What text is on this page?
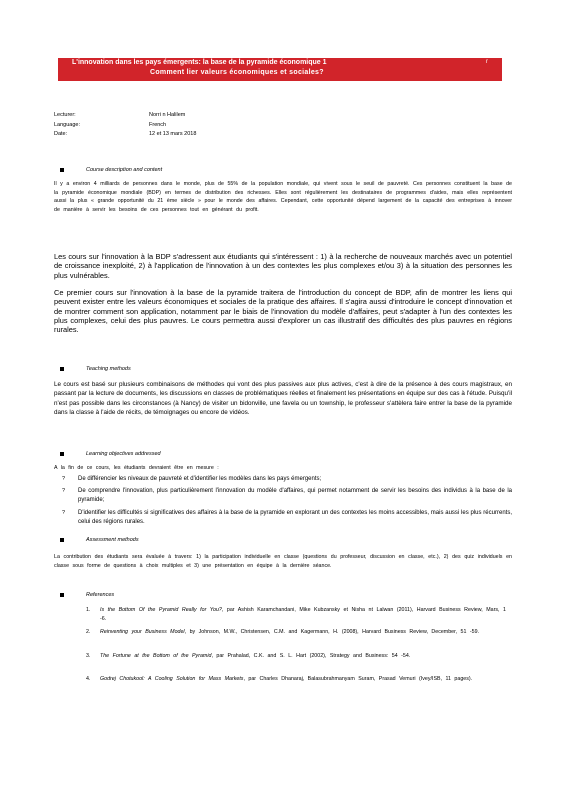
L'innovation dans les pays émergents: la base de la pyramide économique 1	r
Comment lier valeurs économiques et sociales?
Lecturer:	Norri n Halilem
Language:	French
Date:	12 et 13 mars 2018
Course description and content
Il y a environ 4 milliards de personnes dans le monde, plus de 55% de la population mondiale, qui vivent sous le seuil de pauvreté. Ces personnes constituent la base de la pyramide économique mondiale (BDP) en termes de distribution des richesses. Elles sont régulièrement les destinataires de programmes d'aides, mais elles représentent aussi la plus « grande opportunité du 21 ème siècle » pour le monde des affaires. Cependant, cette opportunité dépend largement de la capacité des entreprises à innover de manière à servir les besoins de ces personnes tout en générant du profit.
Les cours sur l'innovation à la BDP s'adressent aux étudiants qui s'intéressent : 1) à la recherche de nouveaux marchés avec un potentiel de croissance inexploité, 2) à l'application de l'innovation à un des contextes les plus complexes et/ou 3) à la situation des personnes les plus vulnérables.
Ce premier cours sur l'innovation à la base de la pyramide traitera de l'introduction du concept de BDP, afin de montrer les liens qui peuvent exister entre les valeurs économiques et sociales de la pratique des affaires. Il s'agira aussi d'introduire le concept d'innovation et de montrer comment son application, notamment par le biais de l'innovation du modèle d'affaires, peut s'adapter à l'un des contextes les plus complexes, celui des plus pauvres. Le cours permettra aussi d'explorer un cas illustratif des difficultés des plus pauvres en régions rurales.
Teaching methods
Le cours est basé sur plusieurs combinaisons de méthodes qui vont des plus passives aux plus actives, c'est à dire de la présence à des cours magistraux, en passant par la lecture de documents, les discussions en classes de problématiques réelles et finalement les présentations en équipe sur des cas à l'étude. Puisqu'il n'est pas possible dans les circonstances (à Nancy) de visiter un bidonville, une favela ou un township, le professeur s'attèlera faire entrer la base de la pyramide dans la classe à l'aide de récits, de témoignages ou encore de vidéos.
Learning objectives addressed
A la fin de ce cours, les étudiants devraient être en mesure :
? De différencier les niveaux de pauvreté et d'identifier les modèles dans les pays émergents;
? De comprendre l'innovation, plus particulièrement l'innovation du modèle d'affaires, qui permet notamment de servir les besoins des individus à la base de la pyramide;
? D'identifier les difficultés si significatives des affaires à la base de la pyramide en explorant un des contextes les moins accessibles, mais aussi les plus récurrents, celui des régions rurales.
Assessment methods
La contribution des étudiants sera évaluée à travers: 1) la participation individuelle en classe (questions du professeur, discussion en classe, etc.), 2) des quiz individuels en classe sous forme de questions à choix multiples et 3) une présentation en équipe à la dernière séance.
References
1. Is the Bottom Of the Pyramid Really for You?, par Ashish Karamchandani, Mike Kubzansky et Nisha nt Lalwan (2011), Harvard Business Review, Mars, 1 -6.
2. Reinventing your Business Model, by Johnson, M.W., Christensen, C.M. and Kagermann, H. (2008), Harvard Business Review, December, 51 -59.
3. The Fortune at the Bottom of the Pyramid, par Prahalad, C.K. and S. L. Hart (2002), Strategy and Business: 54 -54.
4. Godrej Chotukool: A Cooling Solution for Mass Markets, par Charles Dhanaraj, Balasubrahmanyam Suram, Prasad Vemuri (Ivey/ISB, 11 pages).
